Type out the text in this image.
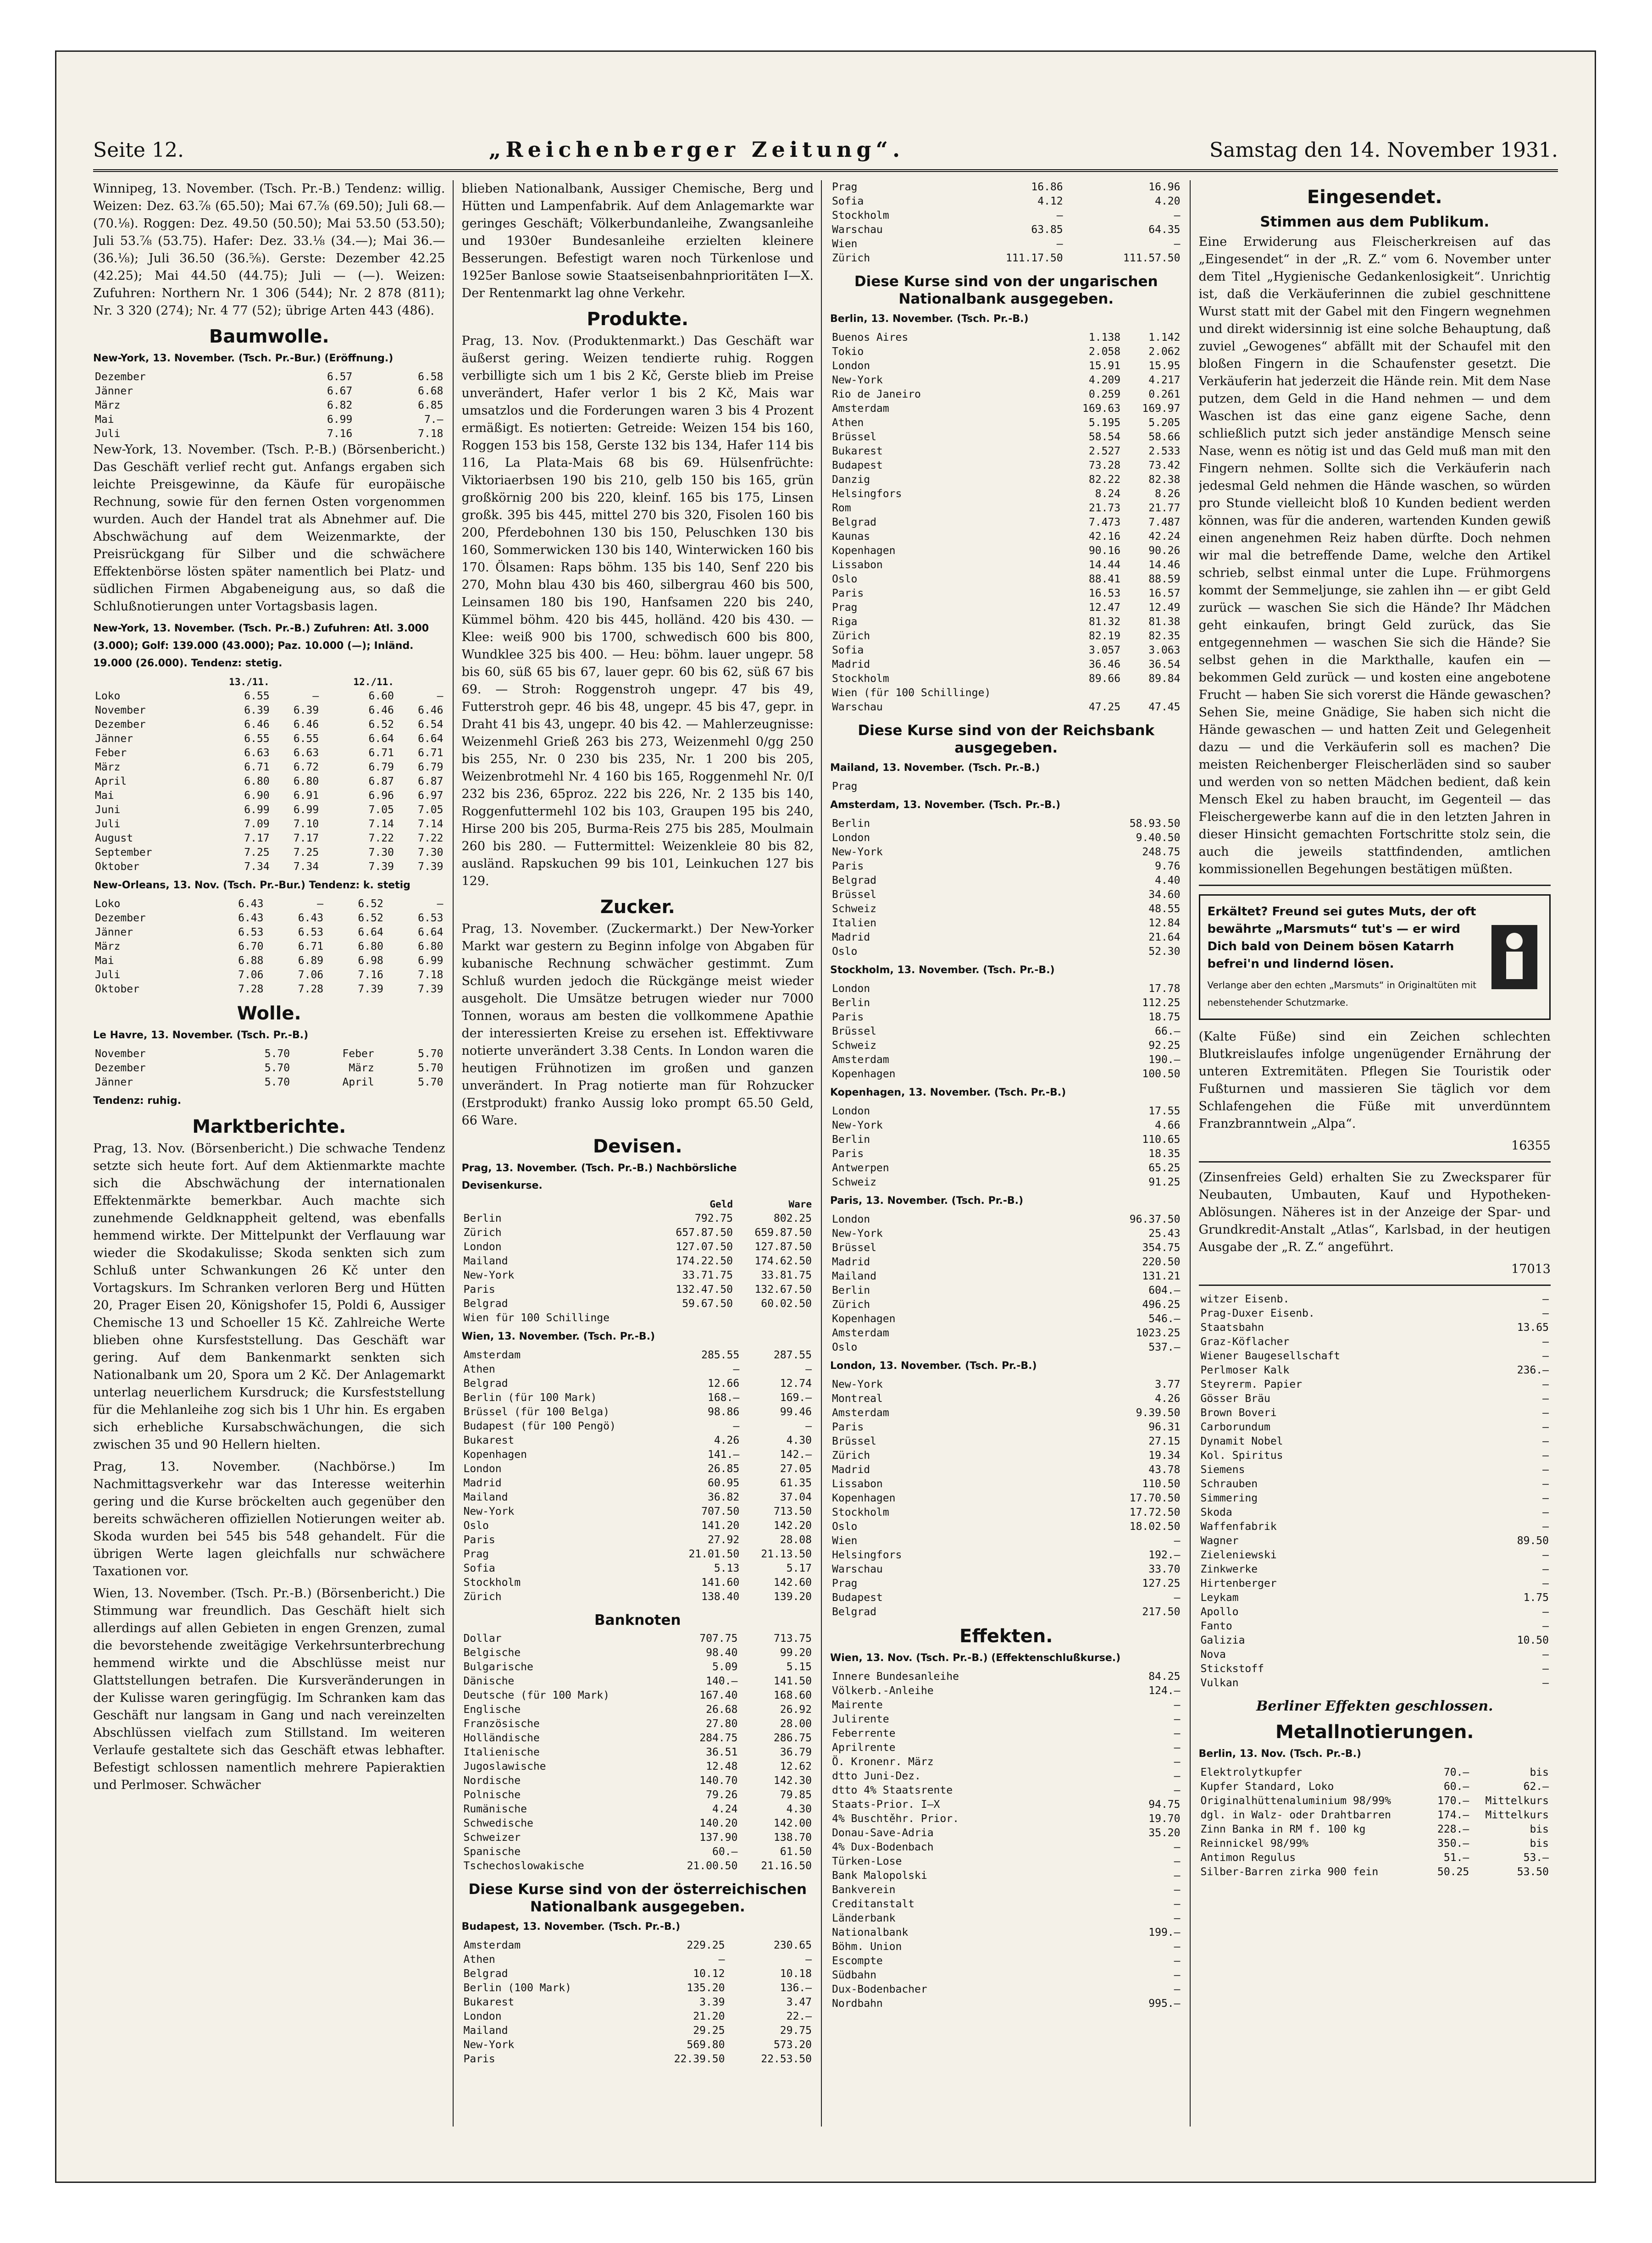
Seite 12.	„Reichenberger Zeitung“.	Samstag den 14. November 1931.

Winnipeg, 13. November. (Tsch. Pr.-B.) Tendenz: willig. Weizen: Dez. 63.⅞ (65.50); Mai 67.⅞ (69.50); Juli 68.— (70.⅛). Roggen: Dez. 49.50 (50.50); Mai 53.50 (53.50); Juli 53.⅞ (53.75). Hafer: Dez. 33.⅛ (34.—); Mai 36.— (36.⅛); Juli 36.50 (36.⅝). Gerste: Dezember 42.25 (42.25); Mai 44.50 (44.75); Juli — (—). Weizen: Zufuhren: Northern Nr. 1 306 (544); Nr. 2 878 (811); Nr. 3 320 (274); Nr. 4 77 (52); übrige Arten 443 (486).

Baumwolle.
New-York, 13. November. (Tsch. Pr.-Bur.) (Eröffnung.)
Dezember	6.57	6.58
Jänner	6.67	6.68
März	6.82	6.85
Mai	6.99	7.—
Juli	7.16	7.18

New-York, 13. November. (Tsch. P.-B.) (Börsenbericht.) Das Geschäft verlief recht gut. Anfangs ergaben sich leichte Preisgewinne, da Käufe für europäische Rechnung, sowie für den fernen Osten vorgenommen wurden. Auch der Handel trat als Abnehmer auf. Die Abschwächung auf dem Weizenmarkte, der Preisrückgang für Silber und die schwächere Effektenbörse lösten später namentlich bei Platz- und südlichen Firmen Abgabeneigung aus, so daß die Schlußnotierungen unter Vortagsbasis lagen.

New-York, 13. November. (Tsch. Pr.-B.) Zufuhren: Atl. 3.000 (3.000); Golf: 139.000 (43.000); Paz. 10.000 (—); Inländ. 19.000 (26.000). Tendenz: stetig.
	13./11.		12./11.	
Loko	6.55	—	6.60	—
November	6.39	6.39	6.46	6.46
Dezember	6.46	6.46	6.52	6.54
Jänner	6.55	6.55	6.64	6.64
Feber	6.63	6.63	6.71	6.71
März	6.71	6.72	6.79	6.79
April	6.80	6.80	6.87	6.87
Mai	6.90	6.91	6.96	6.97
Juni	6.99	6.99	7.05	7.05
Juli	7.09	7.10	7.14	7.14
August	7.17	7.17	7.22	7.22
September	7.25	7.25	7.30	7.30
Oktober	7.34	7.34	7.39	7.39
New-Orleans, 13. Nov. (Tsch. Pr.-Bur.) Tendenz: k. stetig
Loko	6.43	—	6.52	—
Dezember	6.43	6.43	6.52	6.53
Jänner	6.53	6.53	6.64	6.64
März	6.70	6.71	6.80	6.80
Mai	6.88	6.89	6.98	6.99
Juli	7.06	7.06	7.16	7.18
Oktober	7.28	7.28	7.39	7.39
Wolle.
Le Havre, 13. November. (Tsch. Pr.-B.)
November	5.70	Feber	5.70
Dezember	5.70	März	5.70
Jänner	5.70	April	5.70
Tendenz: ruhig.
Marktberichte.

Prag, 13. Nov. (Börsenbericht.) Die schwache Tendenz setzte sich heute fort. Auf dem Aktienmarkte machte sich die Abschwächung der internationalen Effektenmärkte bemerkbar. Auch machte sich zunehmende Geldknappheit geltend, was ebenfalls hemmend wirkte. Der Mittelpunkt der Verflauung war wieder die Skodakulisse; Skoda senkten sich zum Schluß unter Schwankungen 26 Kč unter den Vortagskurs. Im Schranken verloren Berg und Hütten 20, Prager Eisen 20, Königshofer 15, Poldi 6, Aussiger Chemische 13 und Schoeller 15 Kč. Zahlreiche Werte blieben ohne Kursfeststellung. Das Geschäft war gering. Auf dem Bankenmarkt senkten sich Nationalbank um 20, Spora um 2 Kč. Der Anlagemarkt unterlag neuerlichem Kursdruck; die Kursfeststellung für die Mehlanleihe zog sich bis 1 Uhr hin. Es ergaben sich erhebliche Kursabschwächungen, die sich zwischen 35 und 90 Hellern hielten.

Prag, 13. November. (Nachbörse.) Im Nachmittagsverkehr war das Interesse weiterhin gering und die Kurse bröckelten auch gegenüber den bereits schwächeren offiziellen Notierungen weiter ab. Skoda wurden bei 545 bis 548 gehandelt. Für die übrigen Werte lagen gleichfalls nur schwächere Taxationen vor.

Wien, 13. November. (Tsch. Pr.-B.) (Börsenbericht.) Die Stimmung war freundlich. Das Geschäft hielt sich allerdings auf allen Gebieten in engen Grenzen, zumal die bevorstehende zweitägige Verkehrsunterbrechung hemmend wirkte und die Abschlüsse meist nur Glattstellungen betrafen. Die Kursveränderungen in der Kulisse waren geringfügig. Im Schranken kam das Geschäft nur langsam in Gang und nach vereinzelten Abschlüssen vielfach zum Stillstand. Im weiteren Verlaufe gestaltete sich das Geschäft etwas lebhafter. Befestigt schlossen namentlich mehrere Papieraktien und Perlmoser. Schwächer

blieben Nationalbank, Aussiger Chemische, Berg und Hütten und Lampenfabrik. Auf dem Anlagemarkte war geringes Geschäft; Völkerbundanleihe, Zwangsanleihe und 1930er Bundesanleihe erzielten kleinere Besserungen. Befestigt waren noch Türkenlose und 1925er Banlose sowie Staatseisenbahnprioritäten I—X. Der Rentenmarkt lag ohne Verkehr.

Produkte.

Prag, 13. Nov. (Produktenmarkt.) Das Geschäft war äußerst gering. Weizen tendierte ruhig. Roggen verbilligte sich um 1 bis 2 Kč, Gerste blieb im Preise unverändert, Hafer verlor 1 bis 2 Kč, Mais war umsatzlos und die Forderungen waren 3 bis 4 Prozent ermäßigt. Es notierten: Getreide: Weizen 154 bis 160, Roggen 153 bis 158, Gerste 132 bis 134, Hafer 114 bis 116, La Plata-Mais 68 bis 69. Hülsenfrüchte: Viktoriaerbsen 190 bis 210, gelb 150 bis 165, grün großkörnig 200 bis 220, kleinf. 165 bis 175, Linsen großk. 395 bis 445, mittel 270 bis 320, Fisolen 160 bis 200, Pferdebohnen 130 bis 150, Peluschken 130 bis 160, Sommerwicken 130 bis 140, Winterwicken 160 bis 170. Ölsamen: Raps böhm. 135 bis 140, Senf 220 bis 270, Mohn blau 430 bis 460, silbergrau 460 bis 500, Leinsamen 180 bis 190, Hanfsamen 220 bis 240, Kümmel böhm. 420 bis 445, holländ. 420 bis 430. — Klee: weiß 900 bis 1700, schwedisch 600 bis 800, Wundklee 325 bis 400. — Heu: böhm. lauer ungepr. 58 bis 60, süß 65 bis 67, lauer gepr. 60 bis 62, süß 67 bis 69. — Stroh: Roggenstroh ungepr. 47 bis 49, Futterstroh gepr. 46 bis 48, ungepr. 45 bis 47, gepr. in Draht 41 bis 43, ungepr. 40 bis 42. — Mahlerzeugnisse: Weizenmehl Grieß 263 bis 273, Weizenmehl 0/gg 250 bis 255, Nr. 0 230 bis 235, Nr. 1 200 bis 205, Weizenbrotmehl Nr. 4 160 bis 165, Roggenmehl Nr. 0/I 232 bis 236, 65proz. 222 bis 226, Nr. 2 135 bis 140, Roggenfuttermehl 102 bis 103, Graupen 195 bis 240, Hirse 200 bis 205, Burma-Reis 275 bis 285, Moulmain 260 bis 280. — Futtermittel: Weizenkleie 80 bis 82, ausländ. Rapskuchen 99 bis 101, Leinkuchen 127 bis 129.

Zucker.

Prag, 13. November. (Zuckermarkt.) Der New-Yorker Markt war gestern zu Beginn infolge von Abgaben für kubanische Rechnung schwächer gestimmt. Zum Schluß wurden jedoch die Rückgänge meist wieder ausgeholt. Die Umsätze betrugen wieder nur 7000 Tonnen, woraus am besten die vollkommene Apathie der interessierten Kreise zu ersehen ist. Effektivware notierte unverändert 3.38 Cents. In London waren die heutigen Frühnotizen im großen und ganzen unverändert. In Prag notierte man für Rohzucker (Erstprodukt) franko Aussig loko prompt 65.50 Geld, 66 Ware.

Devisen.
Prag, 13. November. (Tsch. Pr.-B.) Nachbörsliche Devisenkurse.
	Geld	Ware
Berlin	792.75	802.25
Zürich	657.87.50	659.87.50
London	127.07.50	127.87.50
Mailand	174.22.50	174.62.50
New-York	33.71.75	33.81.75
Paris	132.47.50	132.67.50
Belgrad	59.67.50	60.02.50
Wien für 100 Schillinge		
Wien, 13. November. (Tsch. Pr.-B.)
Amsterdam	285.55	287.55
Athen	—	—
Belgrad	12.66	12.74
Berlin (für 100 Mark)	168.—	169.—
Brüssel (für 100 Belga)	98.86	99.46
Budapest (für 100 Pengö)	—	—
Bukarest	4.26	4.30
Kopenhagen	141.—	142.—
London	26.85	27.05
Madrid	60.95	61.35
Mailand	36.82	37.04
New-York	707.50	713.50
Oslo	141.20	142.20
Paris	27.92	28.08
Prag	21.01.50	21.13.50
Sofia	5.13	5.17
Stockholm	141.60	142.60
Zürich	138.40	139.20
Banknoten
Dollar	707.75	713.75
Belgische	98.40	99.20
Bulgarische	5.09	5.15
Dänische	140.—	141.50
Deutsche (für 100 Mark)	167.40	168.60
Englische	26.68	26.92
Französische	27.80	28.00
Holländische	284.75	286.75
Italienische	36.51	36.79
Jugoslawische	12.48	12.62
Nordische	140.70	142.30
Polnische	79.26	79.85
Rumänische	4.24	4.30
Schwedische	140.20	142.00
Schweizer	137.90	138.70
Spanische	60.—	61.50
Tschechoslowakische	21.00.50	21.16.50
Diese Kurse sind von der österreichischen Nationalbank ausgegeben.
Budapest, 13. November. (Tsch. Pr.-B.)
Amsterdam	229.25	230.65
Athen	—	—
Belgrad	10.12	10.18
Berlin (100 Mark)	135.20	136.—
Bukarest	3.39	3.47
London	21.20	22.—
Mailand	29.25	29.75
New-York	569.80	573.20
Paris	22.39.50	22.53.50
Prag	16.86	16.96
Sofia	4.12	4.20
Stockholm	—	—
Warschau	63.85	64.35
Wien	—	—
Zürich	111.17.50	111.57.50
Diese Kurse sind von der ungarischen Nationalbank ausgegeben.
Berlin, 13. November. (Tsch. Pr.-B.)
Buenos Aires	1.138	1.142
Tokio	2.058	2.062
London	15.91	15.95
New-York	4.209	4.217
Rio de Janeiro	0.259	0.261
Amsterdam	169.63	169.97
Athen	5.195	5.205
Brüssel	58.54	58.66
Bukarest	2.527	2.533
Budapest	73.28	73.42
Danzig	82.22	82.38
Helsingfors	8.24	8.26
Rom	21.73	21.77
Belgrad	7.473	7.487
Kaunas	42.16	42.24
Kopenhagen	90.16	90.26
Lissabon	14.44	14.46
Oslo	88.41	88.59
Paris	16.53	16.57
Prag	12.47	12.49
Riga	81.32	81.38
Zürich	82.19	82.35
Sofia	3.057	3.063
Madrid	36.46	36.54
Stockholm	89.66	89.84
Wien (für 100 Schillinge)		
Warschau	47.25	47.45
Diese Kurse sind von der Reichsbank ausgegeben.
Mailand, 13. November. (Tsch. Pr.-B.)
Prag		
Amsterdam, 13. November. (Tsch. Pr.-B.)
Berlin	58.93.50
London	9.40.50
New-York	248.75
Paris	9.76
Belgrad	4.40
Brüssel	34.60
Schweiz	48.55
Italien	12.84
Madrid	21.64
Oslo	52.30
Stockholm, 13. November. (Tsch. Pr.-B.)
London	17.78
Berlin	112.25
Paris	18.75
Brüssel	66.—
Schweiz	92.25
Amsterdam	190.—
Kopenhagen	100.50
Kopenhagen, 13. November. (Tsch. Pr.-B.)
London	17.55
New-York	4.66
Berlin	110.65
Paris	18.35
Antwerpen	65.25
Schweiz	91.25
Paris, 13. November. (Tsch. Pr.-B.)
London	96.37.50
New-York	25.43
Brüssel	354.75
Madrid	220.50
Mailand	131.21
Berlin	604.—
Zürich	496.25
Kopenhagen	546.—
Amsterdam	1023.25
Oslo	537.—
London, 13. November. (Tsch. Pr.-B.)
New-York	3.77
Montreal	4.26
Amsterdam	9.39.50
Paris	96.31
Brüssel	27.15
Zürich	19.34
Madrid	43.78
Lissabon	110.50
Kopenhagen	17.70.50
Stockholm	17.72.50
Oslo	18.02.50
Wien	—
Helsingfors	192.—
Warschau	33.70
Prag	127.25
Budapest	—
Belgrad	217.50
Effekten.
Wien, 13. Nov. (Tsch. Pr.-B.) (Effektenschlußkurse.)
Innere Bundesanleihe	84.25
Völkerb.-Anleihe	124.—
Mairente	—
Julirente	—
Feberrente	—
Aprilrente	—
Ö. Kronenr. März	—
dtto Juni-Dez.	—
dtto 4% Staatsrente	—
Staats-Prior. I—X	94.75
4% Buschtěhr. Prior.	19.70
Donau-Save-Adria	35.20
4% Dux-Bodenbach	—
Türken-Lose	—
Bank Malopolski	—
Bankverein	—
Creditanstalt	—
Länderbank	—
Nationalbank	199.—
Böhm. Union	—
Escompte	—
Südbahn	—
Dux-Bodenbacher	—
Nordbahn	995.—
Eingesendet.
Stimmen aus dem Publikum.

Eine Erwiderung aus Fleischerkreisen auf das „Eingesendet“ in der „R. Z.“ vom 6. November unter dem Titel „Hygienische Gedankenlosigkeit“. Unrichtig ist, daß die Verkäuferinnen die zubiel geschnittene Wurst statt mit der Gabel mit den Fingern wegnehmen und direkt widersinnig ist eine solche Behauptung, daß zuviel „Gewogenes“ abfällt mit der Schaufel mit den bloßen Fingern in die Schaufenster gesetzt. Die Verkäuferin hat jederzeit die Hände rein. Mit dem Nase putzen, dem Geld in die Hand nehmen — und dem Waschen ist das eine ganz eigene Sache, denn schließlich putzt sich jeder anständige Mensch seine Nase, wenn es nötig ist und das Geld muß man mit den Fingern nehmen. Sollte sich die Verkäuferin nach jedesmal Geld nehmen die Hände waschen, so würden pro Stunde vielleicht bloß 10 Kunden bedient werden können, was für die anderen, wartenden Kunden gewiß einen angenehmen Reiz haben dürfte. Doch nehmen wir mal die betreffende Dame, welche den Artikel schrieb, selbst einmal unter die Lupe. Frühmorgens kommt der Semmeljunge, sie zahlen ihn — er gibt Geld zurück — waschen Sie sich die Hände? Ihr Mädchen geht einkaufen, bringt Geld zurück, das Sie entgegennehmen — waschen Sie sich die Hände? Sie selbst gehen in die Markthalle, kaufen ein — bekommen Geld zurück — und kosten eine angebotene Frucht — haben Sie sich vorerst die Hände gewaschen? Sehen Sie, meine Gnädige, Sie haben sich nicht die Hände gewaschen — und hatten Zeit und Gelegenheit dazu — und die Verkäuferin soll es machen? Die meisten Reichenberger Fleischerläden sind so sauber und werden von so netten Mädchen bedient, daß kein Mensch Ekel zu haben braucht, im Gegenteil — das Fleischergewerbe kann auf die in den letzten Jahren in dieser Hinsicht gemachten Fortschritte stolz sein, die auch die jeweils stattfindenden, amtlichen kommissionellen Begehungen bestätigen müßten.

Erkältet? Freund sei gutes Muts, der oft bewährte „Marsmuts“ tut's — er wird Dich bald von Deinem bösen Katarrh befrei'n und lindernd lösen.
Verlange aber den echten „Marsmuts“ in Originaltüten mit nebenstehender Schutzmarke.

(Kalte Füße) sind ein Zeichen schlechten Blutkreislaufes infolge ungenügender Ernährung der unteren Extremitäten. Pflegen Sie Touristik oder Fußturnen und massieren Sie täglich vor dem Schlafengehen die Füße mit unverdünntem Franzbranntwein „Alpa“.

16355

(Zinsenfreies Geld) erhalten Sie zu Zwecksparer für Neubauten, Umbauten, Kauf und Hypotheken-Ablösungen. Näheres ist in der Anzeige der Spar- und Grundkredit-Anstalt „Atlas“, Karlsbad, in der heutigen Ausgabe der „R. Z.“ angeführt.

17013

witzer Eisenb.	—
Prag-Duxer Eisenb.	—
Staatsbahn	13.65
Graz-Köflacher	—
Wiener Baugesellschaft	—
Perlmoser Kalk	236.—
Steyrerm. Papier	—
Gösser Bräu	—
Brown Boveri	—
Carborundum	—
Dynamit Nobel	—
Kol. Spiritus	—
Siemens	—
Schrauben	—
Simmering	—
Skoda	—
Waffenfabrik	—
Wagner	89.50
Zieleniewski	—
Zinkwerke	—
Hirtenberger	—
Leykam	1.75
Apollo	—
Fanto	—
Galizia	10.50
Nova	—
Stickstoff	—
Vulkan	—
Berliner Effekten geschlossen.
Metallnotierungen.
Berlin, 13. Nov. (Tsch. Pr.-B.)
Elektrolytkupfer	70.—	bis
Kupfer Standard, Loko	60.—	62.—
Originalhüttenaluminium 98/99%	170.—	Mittelkurs
dgl. in Walz- oder Drahtbarren	174.—	Mittelkurs
Zinn Banka in RM f. 100 kg	228.—	bis
Reinnickel 98/99%	350.—	bis
Antimon Regulus	51.—	53.—
Silber-Barren zirka 900 fein	50.25	53.50
